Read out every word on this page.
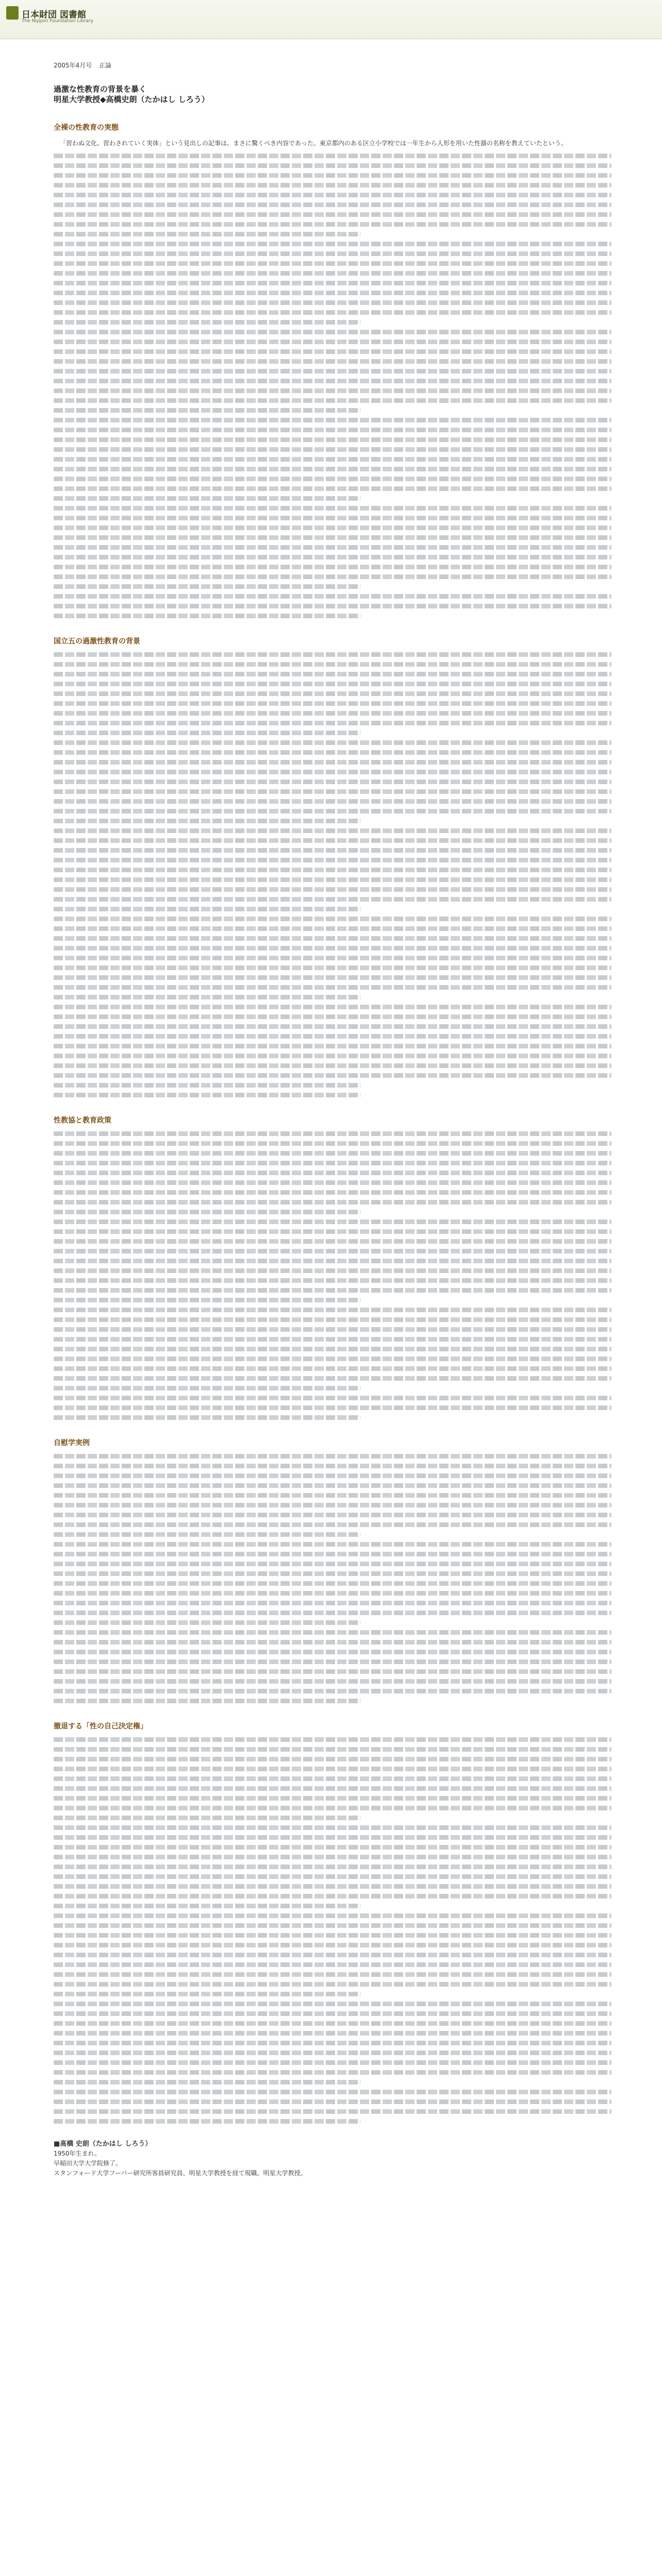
日本財団 図書館
The Nippon Foundation Library
2005年4月号 正論
過激な性教育の背景を暴く
明星大学教授◆高橋史朗（たかはし しろう）
全裸の性教育の実態

「習わぬ文化、習わされていく実体」という見出しの記事は、まさに驚くべき内容であった。東京都内のある区立小学校では一年生から人形を用いた性器の名称を教えていたという。

国立五の過激性教育の背景
性教協と教育政策
自慰学実例
撤退する「性の自己決定権」
■髙橋 史朗（たかはし しろう）
1950年生まれ。
早稲田大学大学院修了。
スタンフォード大学フーバー研究所客員研究員、明星大学教授を経て現職。明星大学教授。
